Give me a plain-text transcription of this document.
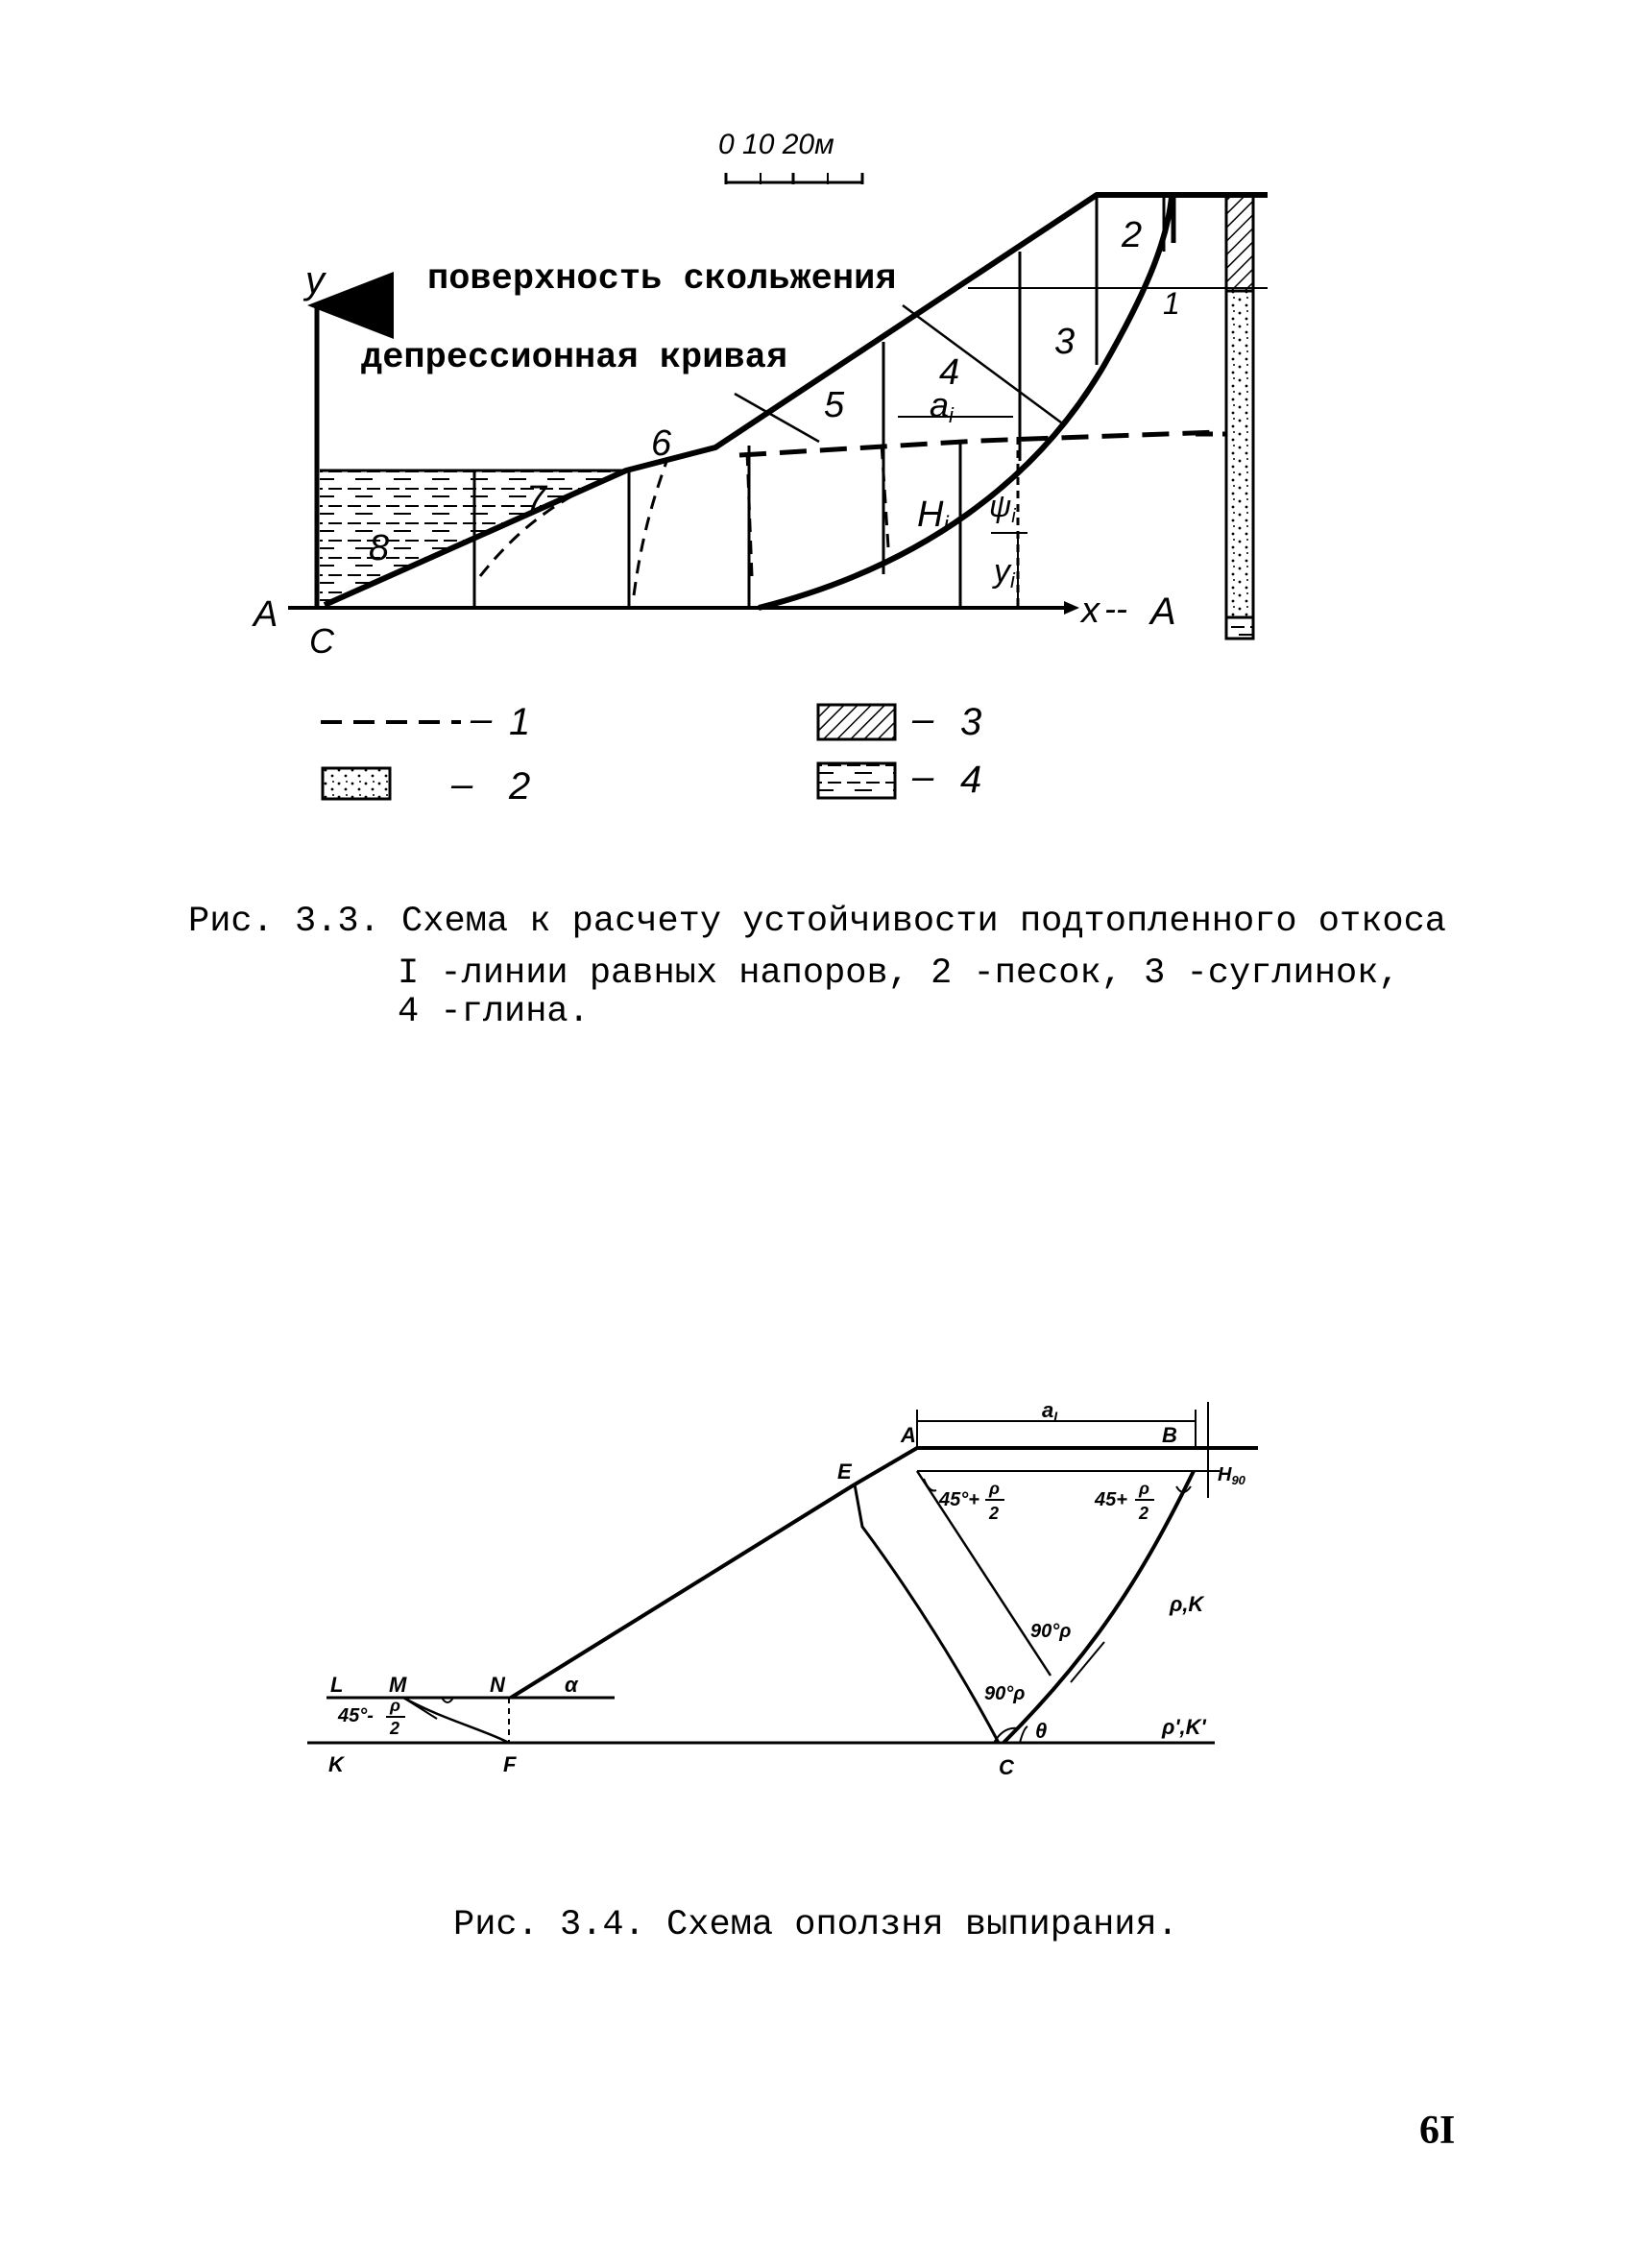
0 10 20м
y
x -- A
A
C
поверхность скольжения
депрессионная кривая
1
2
3
4
5
6
7
8
ai
Hi
ψi
yi
– 1
– 2
– 3
– 4
A	B
E
L M	N
K	F	C
aI
$H_{90}$
45°+
ρ
2
45+
ρ
2
45°- ρ
2
90°ρ
90°ρ
θ
α
ρ,K
ρ',K'
Рис. 3.3. Схема к расчету устойчивости подтопленного откоса
I -линии равных напоров, 2 -песок, 3 -суглинок,
4 -глина.
Рис. 3.4. Схема оползня выпирания.
6I
